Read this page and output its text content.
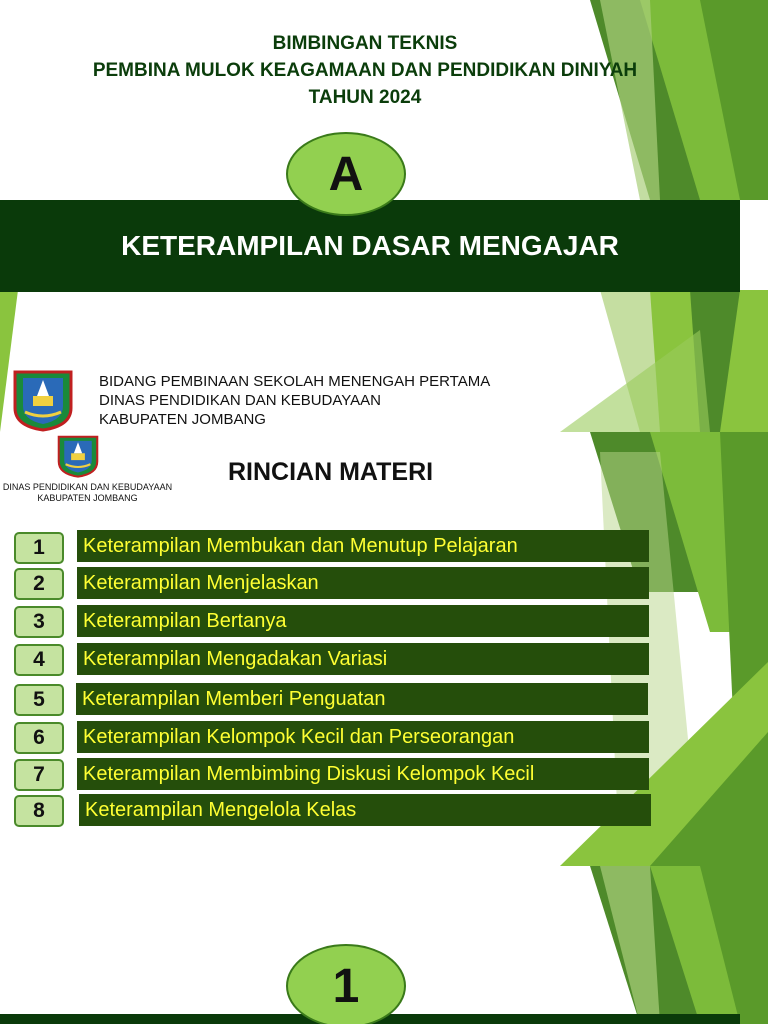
BIMBINGAN TEKNIS
PEMBINA MULOK KEAGAMAAN DAN PENDIDIKAN DINIYAH
TAHUN 2024
KETERAMPILAN DASAR MENGAJAR
A
BIDANG PEMBINAAN SEKOLAH MENENGAH PERTAMA
DINAS PENDIDIKAN DAN KEBUDAYAAN
KABUPATEN JOMBANG
DINAS PENDIDIKAN DAN KEBUDAYAAN
KABUPATEN JOMBANG
RINCIAN MATERI
1	Keterampilan Membukan dan Menutup Pelajaran
2	Keterampilan Menjelaskan
3	Keterampilan Bertanya
4	Keterampilan Mengadakan Variasi
5	Keterampilan Memberi Penguatan
6	Keterampilan Kelompok Kecil dan Perseorangan
7	Keterampilan Membimbing Diskusi Kelompok Kecil
8	Keterampilan Mengelola Kelas
1
